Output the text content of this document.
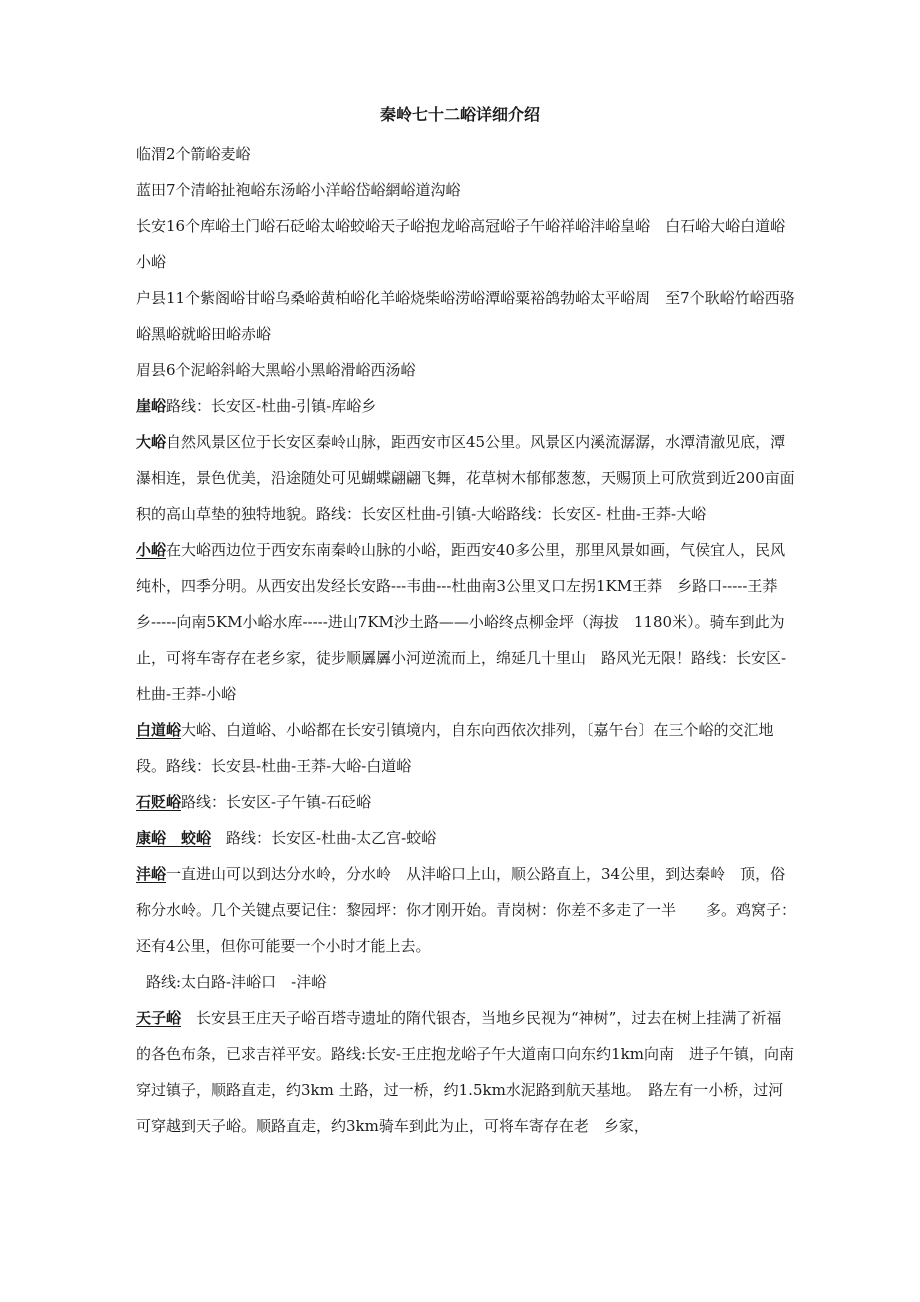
秦岭七十二峪详细介绍

临渭2个箭峪麦峪

蓝田7个清峪扯袍峪东汤峪小洋峪岱峪網峪道沟峪

长安16个库峪土门峪石砭峪太峪蛟峪天子峪抱龙峪高冠峪子午峪祥峪沣峪皇峪　白石峪大峪白道峪小峪

户县11个紫阁峪甘峪乌桑峪黄柏峪化羊峪烧柴峪涝峪潭峪粟裕鸽勃峪太平峪周　至7个耿峪竹峪西骆峪黑峪就峪田峪赤峪

眉县6个泥峪斜峪大黑峪小黑峪滑峪西汤峪

崖峪路线：长安区-杜曲-引镇-库峪乡

大峪自然风景区位于长安区秦岭山脉，距西安市区45公里。风景区内溪流潺潺，水潭清澈见底，潭瀑相连，景色优美，沿途随处可见蝴蝶翩翩飞舞，花草树木郁郁葱葱，天赐顶上可欣赏到近200亩面积的高山草垫的独特地貌。路线：长安区杜曲-引镇-大峪路线：长安区- 杜曲-王莽-大峪

小峪在大峪西边位于西安东南秦岭山脉的小峪，距西安40多公里，那里风景如画，气侯宜人，民风纯朴，四季分明。从西安出发经长安路---韦曲---杜曲南3公里叉口左拐1KM王莽　乡路口-----王莽乡-----向南5KM小峪水库-----进山7KM沙土路——小峪终点柳金坪（海拔　1180米）。骑车到此为止，可将车寄存在老乡家，徒步顺羼羼小河逆流而上，绵延几十里山　路风光无限！路线：长安区-杜曲-王莽-小峪

白道峪大峪、白道峪、小峪都在长安引镇境内，自东向西依次排列，〔嘉午台〕在三个峪的交汇地段。路线：长安县-杜曲-王莽-大峪-白道峪

石贬峪路线：长安区-子午镇-石砭峪

康峪　蛟峪　路线：长安区-杜曲-太乙宫-蛟峪

沣峪一直进山可以到达分水岭，分水岭　从沣峪口上山，顺公路直上，34公里，到达秦岭　顶，俗称分水岭。几个关键点要记住：黎园坪：你才刚开始。青岗树：你差不多走了一半　　多。鸡窝子：还有4公里，但你可能要一个小时才能上去。

路线:太白路-沣峪口　-沣峪

天子峪　长安县王庄天子峪百塔寺遗址的隋代银杏，当地乡民视为“神树”，过去在树上挂满了祈福的各色布条，已求吉祥平安。路线:长安-王庄抱龙峪子午大道南口向东约1km向南　进子午镇，向南穿过镇子，顺路直走，约3km 土路，过一桥，约1.5km水泥路到航天基地。　路左有一小桥，过河可穿越到天子峪。顺路直走，约3km骑车到此为止，可将车寄存在老　乡家，
